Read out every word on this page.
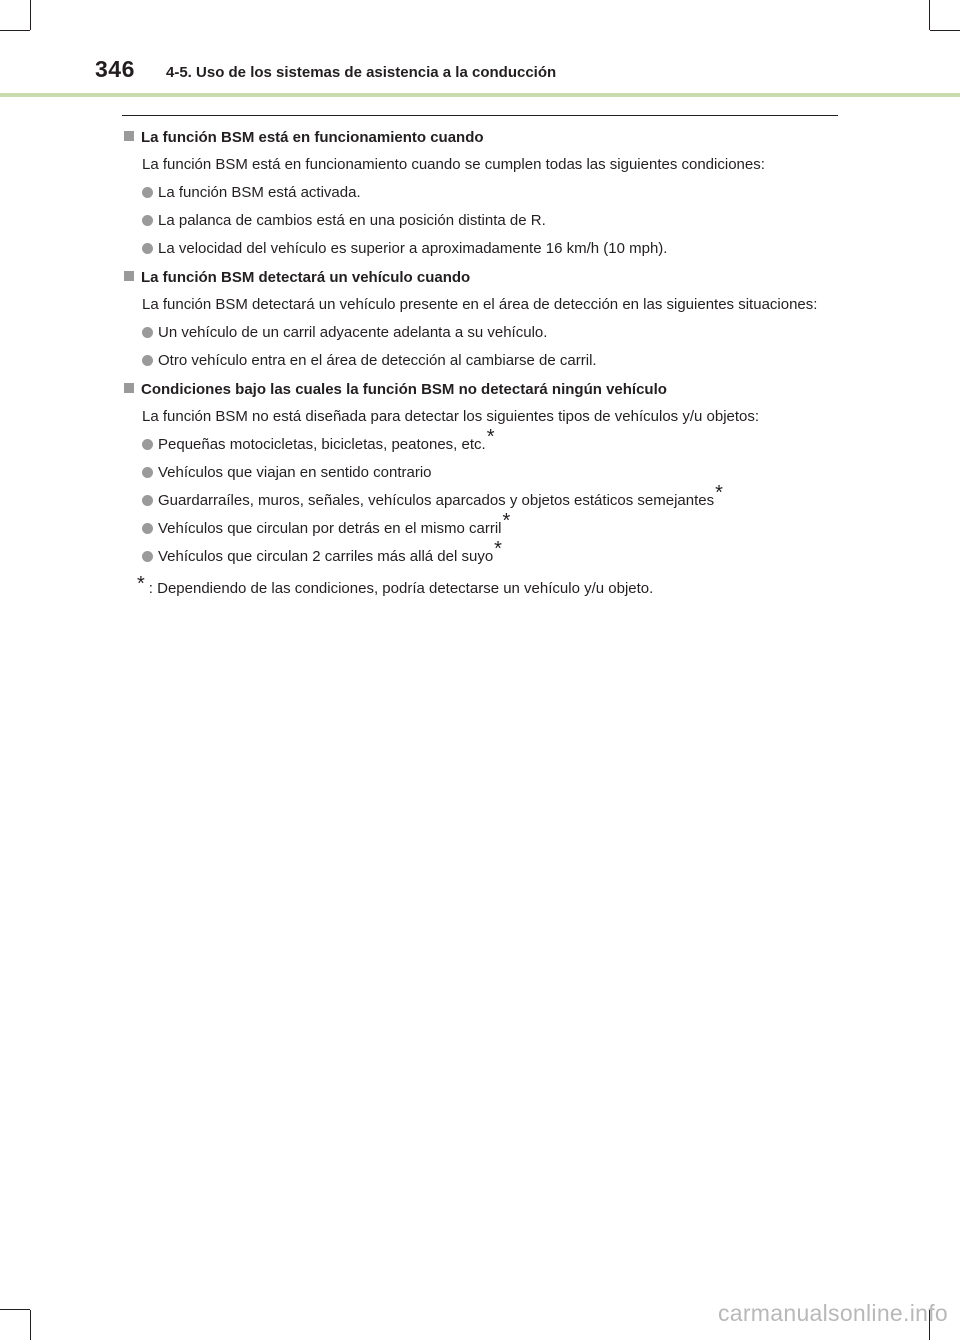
346 4-5. Uso de los sistemas de asistencia a la conducción
La función BSM está en funcionamiento cuando
La función BSM está en funcionamiento cuando se cumplen todas las siguientes condiciones:
La función BSM está activada.
La palanca de cambios está en una posición distinta de R.
La velocidad del vehículo es superior a aproximadamente 16 km/h (10 mph).
La función BSM detectará un vehículo cuando
La función BSM detectará un vehículo presente en el área de detección en las siguientes situaciones:
Un vehículo de un carril adyacente adelanta a su vehículo.
Otro vehículo entra en el área de detección al cambiarse de carril.
Condiciones bajo las cuales la función BSM no detectará ningún vehículo
La función BSM no está diseñada para detectar los siguientes tipos de vehículos y/u objetos:
Pequeñas motocicletas, bicicletas, peatones, etc.*
Vehículos que viajan en sentido contrario
Guardarraíles, muros, señales, vehículos aparcados y objetos estáticos semejantes*
Vehículos que circulan por detrás en el mismo carril*
Vehículos que circulan 2 carriles más allá del suyo*
* : Dependiendo de las condiciones, podría detectarse un vehículo y/u objeto.
carmanualsonline.info
